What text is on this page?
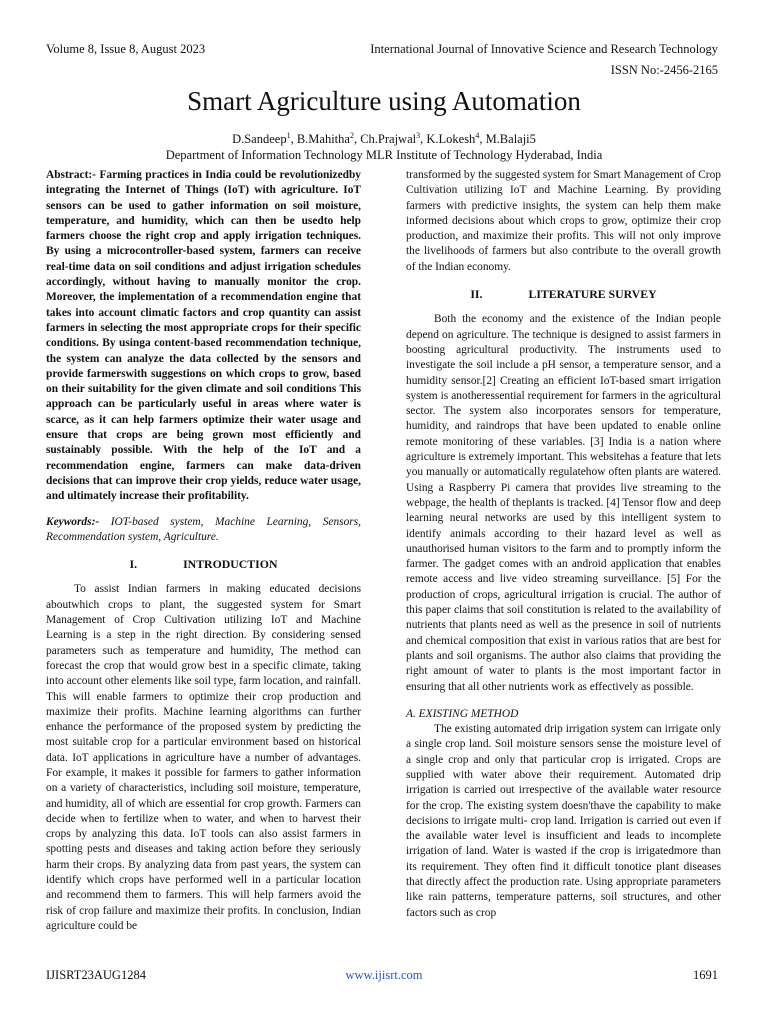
Volume 8, Issue 8, August 2023	International Journal of Innovative Science and Research Technology
ISSN No:-2456-2165
Smart Agriculture using Automation
D.Sandeep$^1$, B.Mahitha$^2$, Ch.Prajwal$^3$, K.Lokesh$^4$, M.Balaji5
Department of Information Technology MLR Institute of Technology Hyderabad, India

Abstract:- Farming practices in India could be revolutionizedby integrating the Internet of Things (IoT) with agriculture. IoT sensors can be used to gather information on soil moisture, temperature, and humidity, which can then be usedto help farmers choose the right crop and apply irrigation techniques. By using a microcontroller-based system, farmers can receive real-time data on soil conditions and adjust irrigation schedules accordingly, without having to manually monitor the crop. Moreover, the implementation of a recommendation engine that takes into account climatic factors and crop quantity can assist farmers in selecting the most appropriate crops for their specific conditions. By usinga content-based recommendation technique, the system can analyze the data collected by the sensors and provide farmerswith suggestions on which crops to grow, based on their suitability for the given climate and soil conditions This approach can be particularly useful in areas where water is scarce, as it can help farmers optimize their water usage and ensure that crops are being grown most efficiently and sustainably possible. With the help of the IoT and a recommendation engine, farmers can make data-driven decisions that can improve their crop yields, reduce water usage, and ultimately increase their profitability.

Keywords:- IOT-based system, Machine Learning, Sensors, Recommendation system, Agriculture.

I.	INTRODUCTION

To assist Indian farmers in making educated decisions aboutwhich crops to plant, the suggested system for Smart Management of Crop Cultivation utilizing IoT and Machine Learning is a step in the right direction. By considering sensed parameters such as temperature and humidity, The method can forecast the crop that would grow best in a specific climate, taking into account other elements like soil type, farm location, and rainfall. This will enable farmers to optimize their crop production and maximize their profits. Machine learning algorithms can further enhance the performance of the proposed system by predicting the most suitable crop for a particular environment based on historical data. IoT applications in agriculture have a number of advantages. For example, it makes it possible for farmers to gather information on a variety of characteristics, including soil moisture, temperature, and humidity, all of which are essential for crop growth. Farmers can decide when to fertilize when to water, and when to harvest their crops by analyzing this data. IoT tools can also assist farmers in spotting pests and diseases and taking action before they seriously harm their crops. By analyzing data from past years, the system can identify which crops have performed well in a particular location and recommend them to farmers. This will help farmers avoid the risk of crop failure and maximize their profits. In conclusion, Indian agriculture could be

transformed by the suggested system for Smart Management of Crop Cultivation utilizing IoT and Machine Learning. By providing farmers with predictive insights, the system can help them make informed decisions about which crops to grow, optimize their crop production, and maximize their profits. This will not only improve the livelihoods of farmers but also contribute to the overall growth of the Indian economy.

II.	LITERATURE SURVEY

Both the economy and the existence of the Indian people depend on agriculture. The technique is designed to assist farmers in boosting agricultural productivity. The instruments used to investigate the soil include a pH sensor, a temperature sensor, and a humidity sensor.[2] Creating an efficient IoT-based smart irrigation system is anotheressential requirement for farmers in the agricultural sector. The system also incorporates sensors for temperature, humidity, and raindrops that have been updated to enable online remote monitoring of these variables. [3] India is a nation where agriculture is extremely important. This websitehas a feature that lets you manually or automatically regulatehow often plants are watered. Using a Raspberry Pi camera that provides live streaming to the webpage, the health of theplants is tracked. [4] Tensor flow and deep learning neural networks are used by this intelligent system to identify animals according to their hazard level as well as unauthorised human visitors to the farm and to promptly inform the farmer. The gadget comes with an android application that enables remote access and live video streaming surveillance. [5] For the production of crops, agricultural irrigation is crucial. The author of this paper claims that soil constitution is related to the availability of nutrients that plants need as well as the presence in soil of nutrients and chemical composition that exist in various ratios that are best for plants and soil organisms. The author also claims that providing the right amount of water to plants is the most important factor in ensuring that all other nutrients work as effectively as possible.

A. EXISTING METHOD

The existing automated drip irrigation system can irrigate only a single crop land. Soil moisture sensors sense the moisture level of a single crop and only that particular crop is irrigated. Crops are supplied with water above their requirement. Automated drip irrigation is carried out irrespective of the available water resource for the crop. The existing system doesn'thave the capability to make decisions to irrigate multi- crop land. Irrigation is carried out even if the available water level is insufficient and leads to incomplete irrigation of land. Water is wasted if the crop is irrigatedmore than its requirement. They often find it difficult tonotice plant diseases that directly affect the production rate. Using appropriate parameters like rain patterns, temperature patterns, soil structures, and other factors such as crop

IJISRT23AUG1284	www.ijisrt.com	1691
